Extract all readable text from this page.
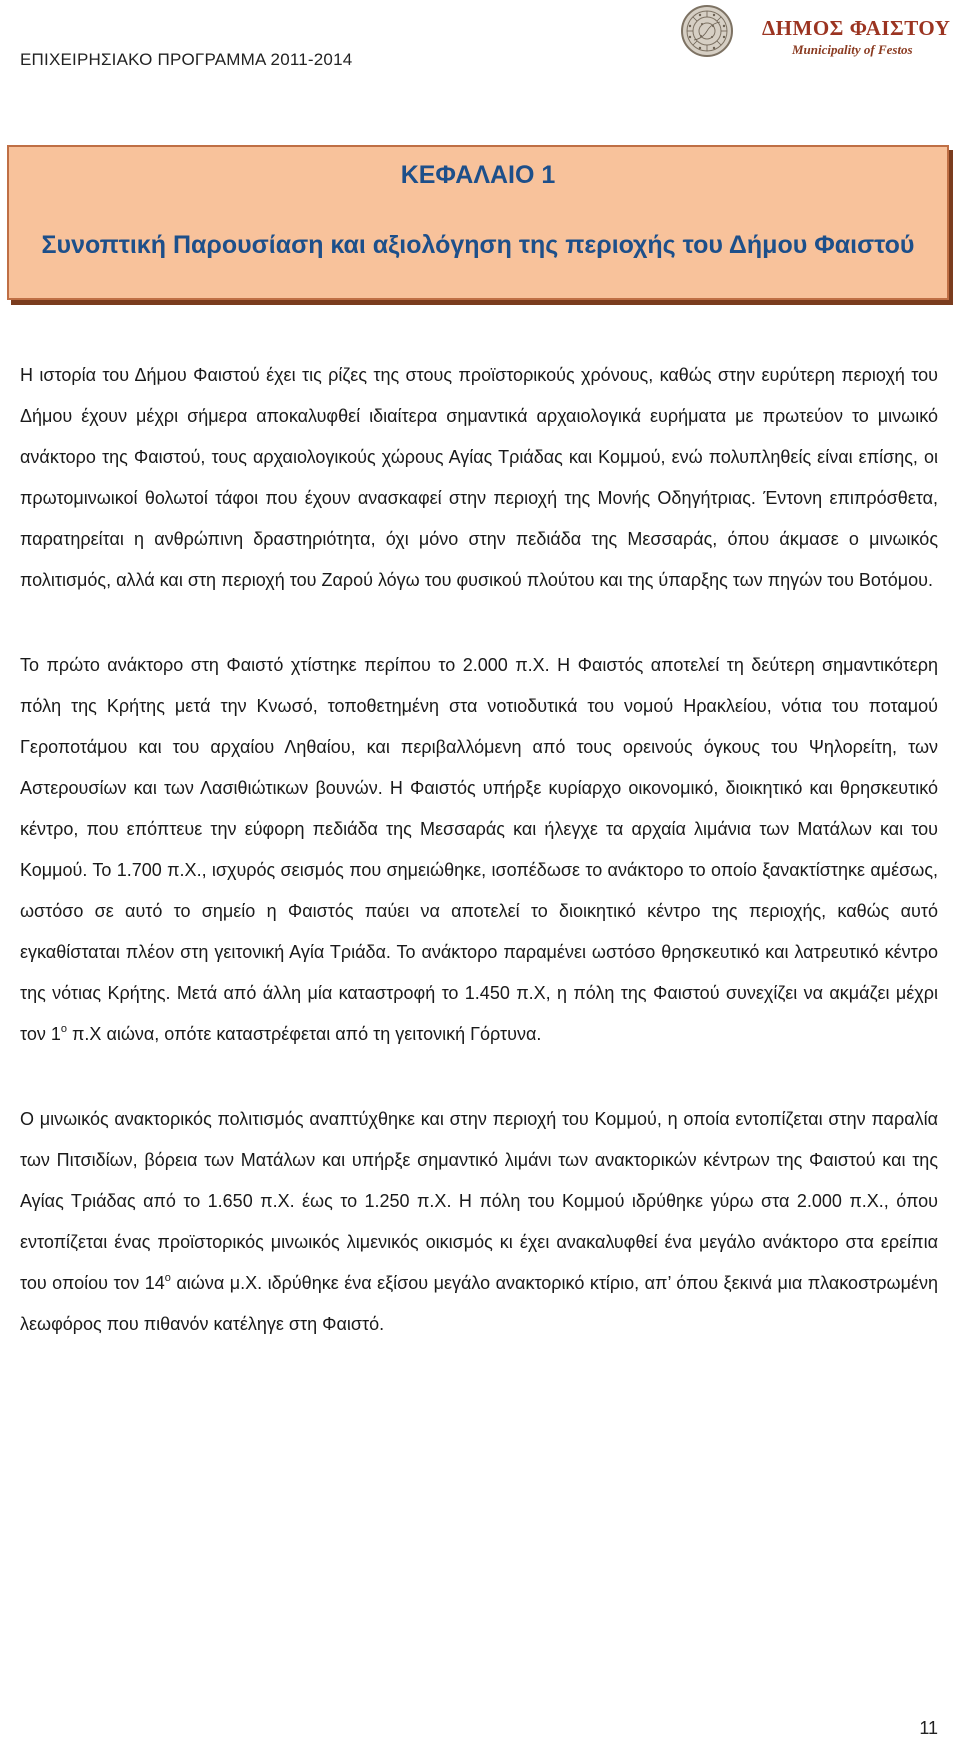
ΕΠΙΧΕΙΡΗΣΙΑΚΟ ΠΡΟΓΡΑΜΜΑ 2011-2014
ΔΗΜΟΣ ΦΑΙΣΤΟΥ
Municipality of Festos
ΚΕΦΑΛΑΙΟ 1
Συνοπτική Παρουσίαση και αξιολόγηση της περιοχής του Δήμου Φαιστού

Η ιστορία του Δήμου Φαιστού έχει τις ρίζες της στους προϊστορικούς χρόνους, καθώς στην ευρύτερη περιοχή του Δήμου έχουν μέχρι σήμερα αποκαλυφθεί ιδιαίτερα σημαντικά αρχαιολογικά ευρήματα με πρωτεύον το μινωικό ανάκτορο της Φαιστού, τους αρχαιολογικούς χώρους Αγίας Τριάδας και Κομμού, ενώ πολυπληθείς είναι επίσης, οι πρωτομινωικοί θολωτοί τάφοι που έχουν ανασκαφεί στην περιοχή της Μονής Οδηγήτριας. Έντονη επιπρόσθετα, παρατηρείται η ανθρώπινη δραστηριότητα, όχι μόνο στην πεδιάδα της Μεσσαράς, όπου άκμασε ο μινωικός πολιτισμός, αλλά και στη περιοχή του Ζαρού λόγω του φυσικού πλούτου και της ύπαρξης των πηγών του Βοτόμου.

Το πρώτο ανάκτορο στη Φαιστό χτίστηκε περίπου το 2.000 π.Χ. Η Φαιστός αποτελεί τη δεύτερη σημαντικότερη πόλη της Κρήτης μετά την Κνωσό, τοποθετημένη στα νοτιοδυτικά του νομού Ηρακλείου, νότια του ποταμού Γεροποτάμου και του αρχαίου Ληθαίου, και περιβαλλόμενη από τους ορεινούς όγκους του Ψηλορείτη, των Αστερουσίων και των Λασιθιώτικων βουνών. Η Φαιστός υπήρξε κυρίαρχο οικονομικό, διοικητικό και θρησκευτικό κέντρο, που επόπτευε την εύφορη πεδιάδα της Μεσσαράς και ήλεγχε τα αρχαία λιμάνια των Ματάλων και του Κομμού. Το 1.700 π.Χ., ισχυρός σεισμός που σημειώθηκε, ισοπέδωσε το ανάκτορο το οποίο ξανακτίστηκε αμέσως, ωστόσο σε αυτό το σημείο η Φαιστός παύει να αποτελεί το διοικητικό κέντρο της περιοχής, καθώς αυτό εγκαθίσταται πλέον στη γειτονική Αγία Τριάδα. Το ανάκτορο παραμένει ωστόσο θρησκευτικό και λατρευτικό κέντρο της νότιας Κρήτης. Μετά από άλλη μία καταστροφή το 1.450 π.Χ, η πόλη της Φαιστού συνεχίζει να ακμάζει μέχρι τον $1^o$ π.Χ αιώνα, οπότε καταστρέφεται από τη γειτονική Γόρτυνα.

Ο μινωικός ανακτορικός πολιτισμός αναπτύχθηκε και στην περιοχή του Κομμού, η οποία εντοπίζεται στην παραλία των Πιτσιδίων, βόρεια των Ματάλων και υπήρξε σημαντικό λιμάνι των ανακτορικών κέντρων της Φαιστού και της Αγίας Τριάδας από το 1.650 π.Χ. έως το 1.250 π.Χ. Η πόλη του Κομμού ιδρύθηκε γύρω στα 2.000 π.Χ., όπου εντοπίζεται ένας προϊστορικός μινωικός λιμενικός οικισμός κι έχει ανακαλυφθεί ένα μεγάλο ανάκτορο στα ερείπια του οποίου τον $14^o$ αιώνα μ.Χ. ιδρύθηκε ένα εξίσου μεγάλο ανακτορικό κτίριο, απ’ όπου ξεκινά μια πλακοστρωμένη λεωφόρος που πιθανόν κατέληγε στη Φαιστό.

11
